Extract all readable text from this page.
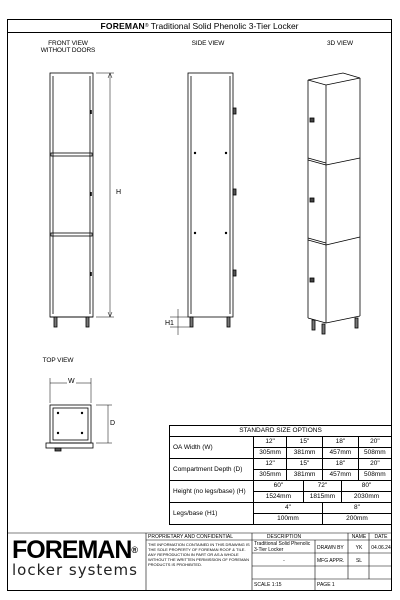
FOREMAN® Traditional Solid Phenolic 3-Tier Locker
FRONT VIEW
WITHOUT DOORS
SIDE VIEW	3D VIEW
TOP VIEW
H
H1
W
D
STANDARD SIZE OPTIONS						
OA Width (W)	12"	15"		18"		20"
	305mm	381mm		457mm		508mm
Compartment Depth (D)	12"	15"		18"		20"
	305mm	381mm		457mm		508mm
Height (no legs/base) (H)	60"		72"		80"	
	1524mm		1815mm		2030mm	
Legs/base (H1)	4"			8"		
	100mm			200mm		
FOREMAN®
locker systems
PROPRIETARY AND CONFIDENTIAL
THE INFORMATION CONTAINED IN THIS DRAWING IS THE SOLE PROPERTY OF FOREMAN ROOF & TILE. ANY REPRODUCTION IN PART OR AS A WHOLE WITHOUT THE WRITTEN PERMISSION OF FOREMAN PRODUCTS IS PROHIBITED.
DESCRIPTION
Traditional Solid Phenolic 3-Tier Locker
-
NAME	DATE
DRAWN BY	YK	04.06.24
MFG APPR.	SL
SCALE 1:15	PAGE 1
